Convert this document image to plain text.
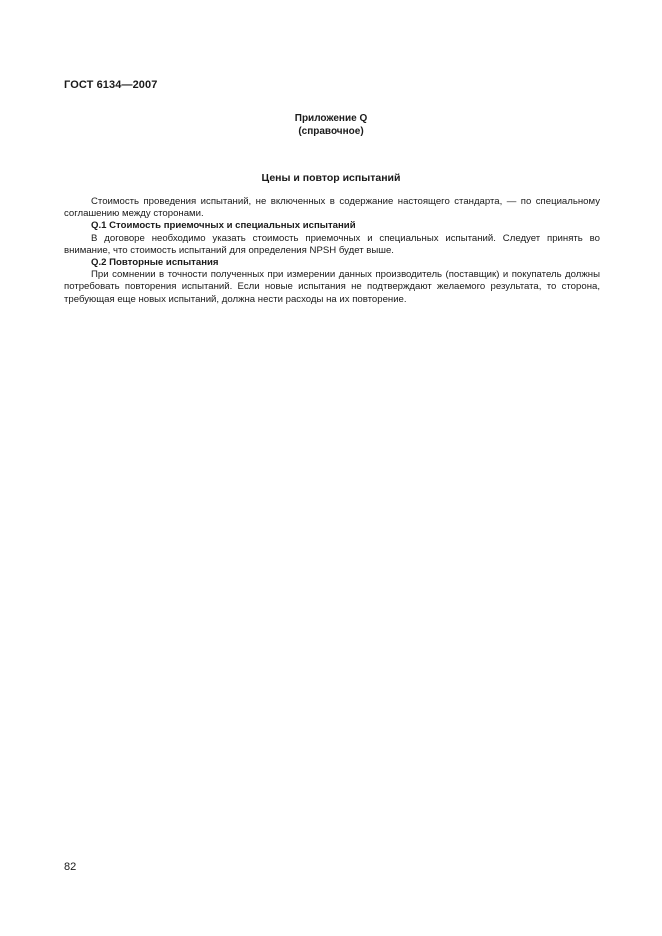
ГОСТ 6134—2007
Приложение Q
(справочное)
Цены и повтор испытаний

Стоимость проведения испытаний, не включенных в содержание настоящего стандарта, — по специальному соглашению между сторонами.

Q.1 Стоимость приемочных и специальных испытаний

В договоре необходимо указать стоимость приемочных и специальных испытаний. Следует принять во внимание, что стоимость испытаний для определения NPSH будет выше.

Q.2 Повторные испытания

При сомнении в точности полученных при измерении данных производитель (поставщик) и покупатель должны потребовать повторения испытаний. Если новые испытания не подтверждают желаемого результата, то сторона, требующая еще новых испытаний, должна нести расходы на их повторение.

82
